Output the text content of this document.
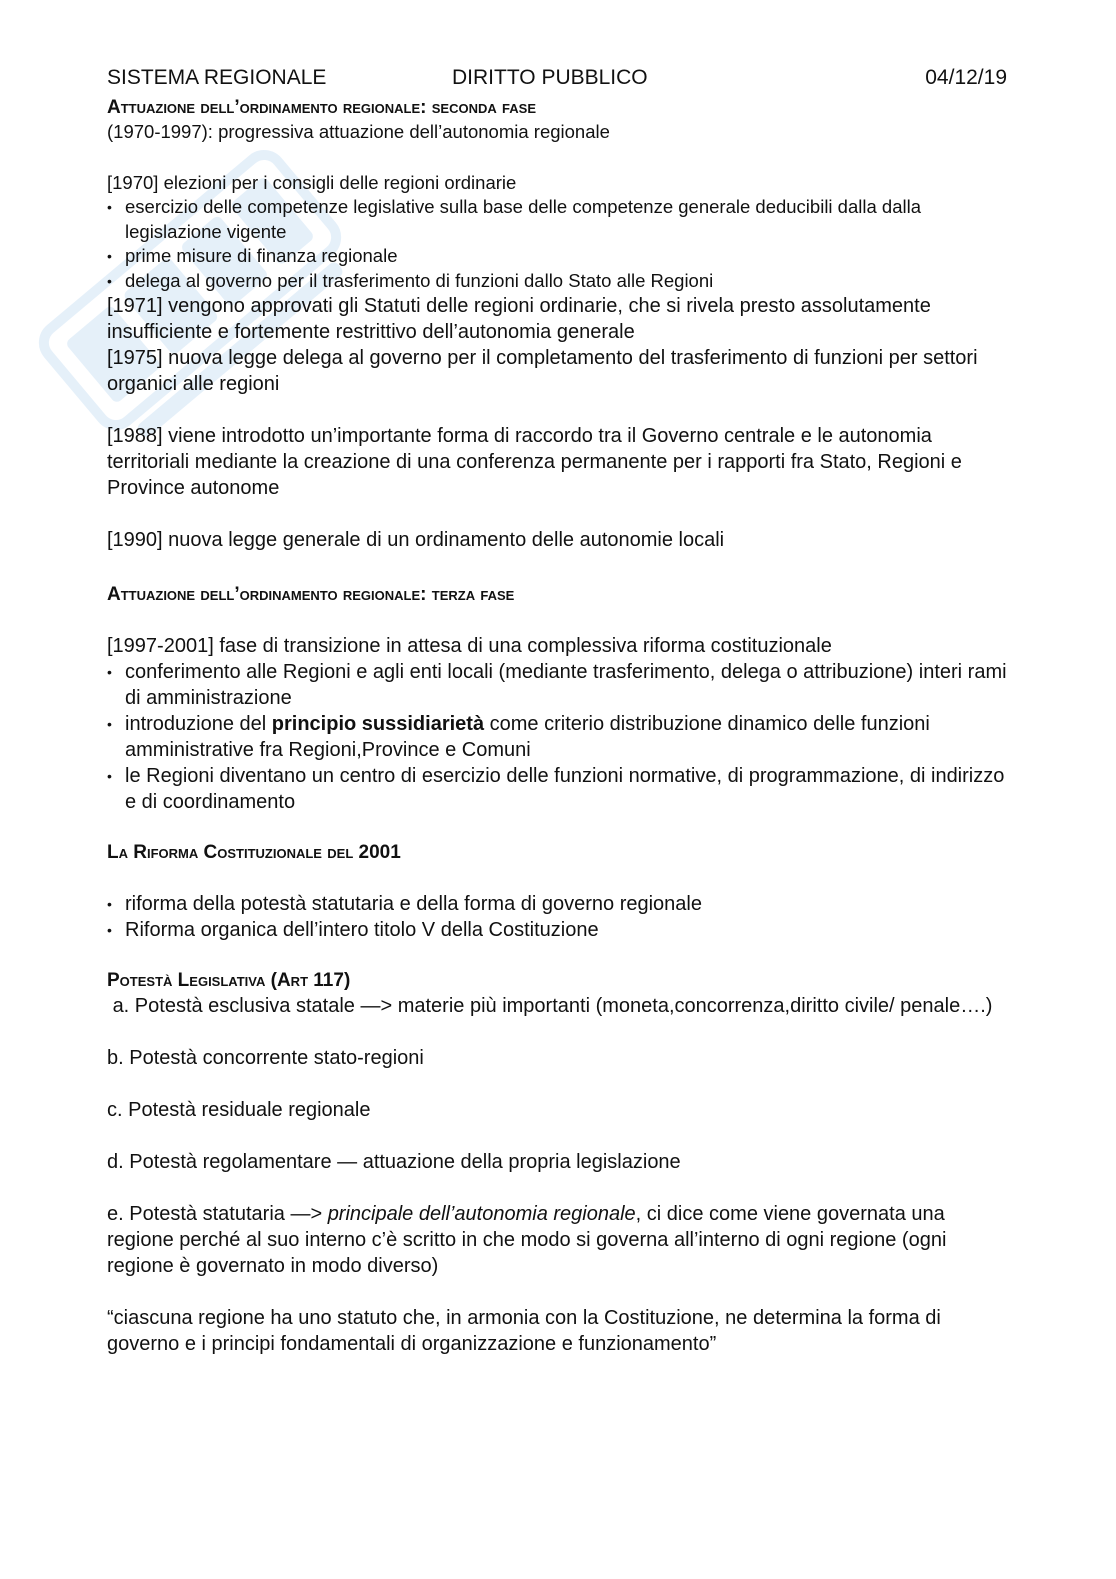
SISTEMA REGIONALE	DIRITTO PUBBLICO	04/12/19
Attuazione dell’ordinamento regionale: seconda fase

(1970-1997): progressiva attuazione dell’autonomia regionale

[1970] elezioni per i consigli delle regioni ordinarie

• esercizio delle competenze legislative sulla base delle competenze generale deducibili dalla dalla legislazione vigente
• prime misure di finanza regionale
• delega al governo per il trasferimento di funzioni dallo Stato alle Regioni

[1971] vengono approvati gli Statuti delle regioni ordinarie, che si rivela presto assolutamente insufficiente e fortemente restrittivo dell’autonomia generale

[1975] nuova legge delega al governo per il completamento del trasferimento di funzioni per settori organici alle regioni

[1988] viene introdotto un’importante forma di raccordo tra il Governo centrale e le autonomia territoriali mediante la creazione di una conferenza permanente per i rapporti fra Stato, Regioni e Province autonome

[1990] nuova legge generale di un ordinamento delle autonomie locali

Attuazione dell’ordinamento regionale: terza fase

[1997-2001] fase di transizione in attesa di una complessiva riforma costituzionale

• conferimento alle Regioni e agli enti locali (mediante trasferimento, delega o attribuzione) interi rami di amministrazione
• introduzione del principio sussidiarietà come criterio distribuzione dinamico delle funzioni amministrative fra Regioni,Province e Comuni
• le Regioni diventano un centro di esercizio delle funzioni normative, di programmazione, di indirizzo e di coordinamento
La Riforma Costituzionale del 2001
• riforma della potestà statutaria e della forma di governo regionale
• Riforma organica dell’intero titolo V della Costituzione
Potestà Legislativa (Art 117)

a. Potestà esclusiva statale —> materie più importanti (moneta,concorrenza,diritto civile/ penale….)

b. Potestà concorrente stato-regioni

c. Potestà residuale regionale

d. Potestà regolamentare — attuazione della propria legislazione

e. Potestà statutaria —> principale dell’autonomia regionale, ci dice come viene governata una regione perché al suo interno c’è scritto in che modo si governa all’interno di ogni regione (ogni regione è governato in modo diverso)

“ciascuna regione ha uno statuto che, in armonia con la Costituzione, ne determina la forma di governo e i principi fondamentali di organizzazione e funzionamento”
